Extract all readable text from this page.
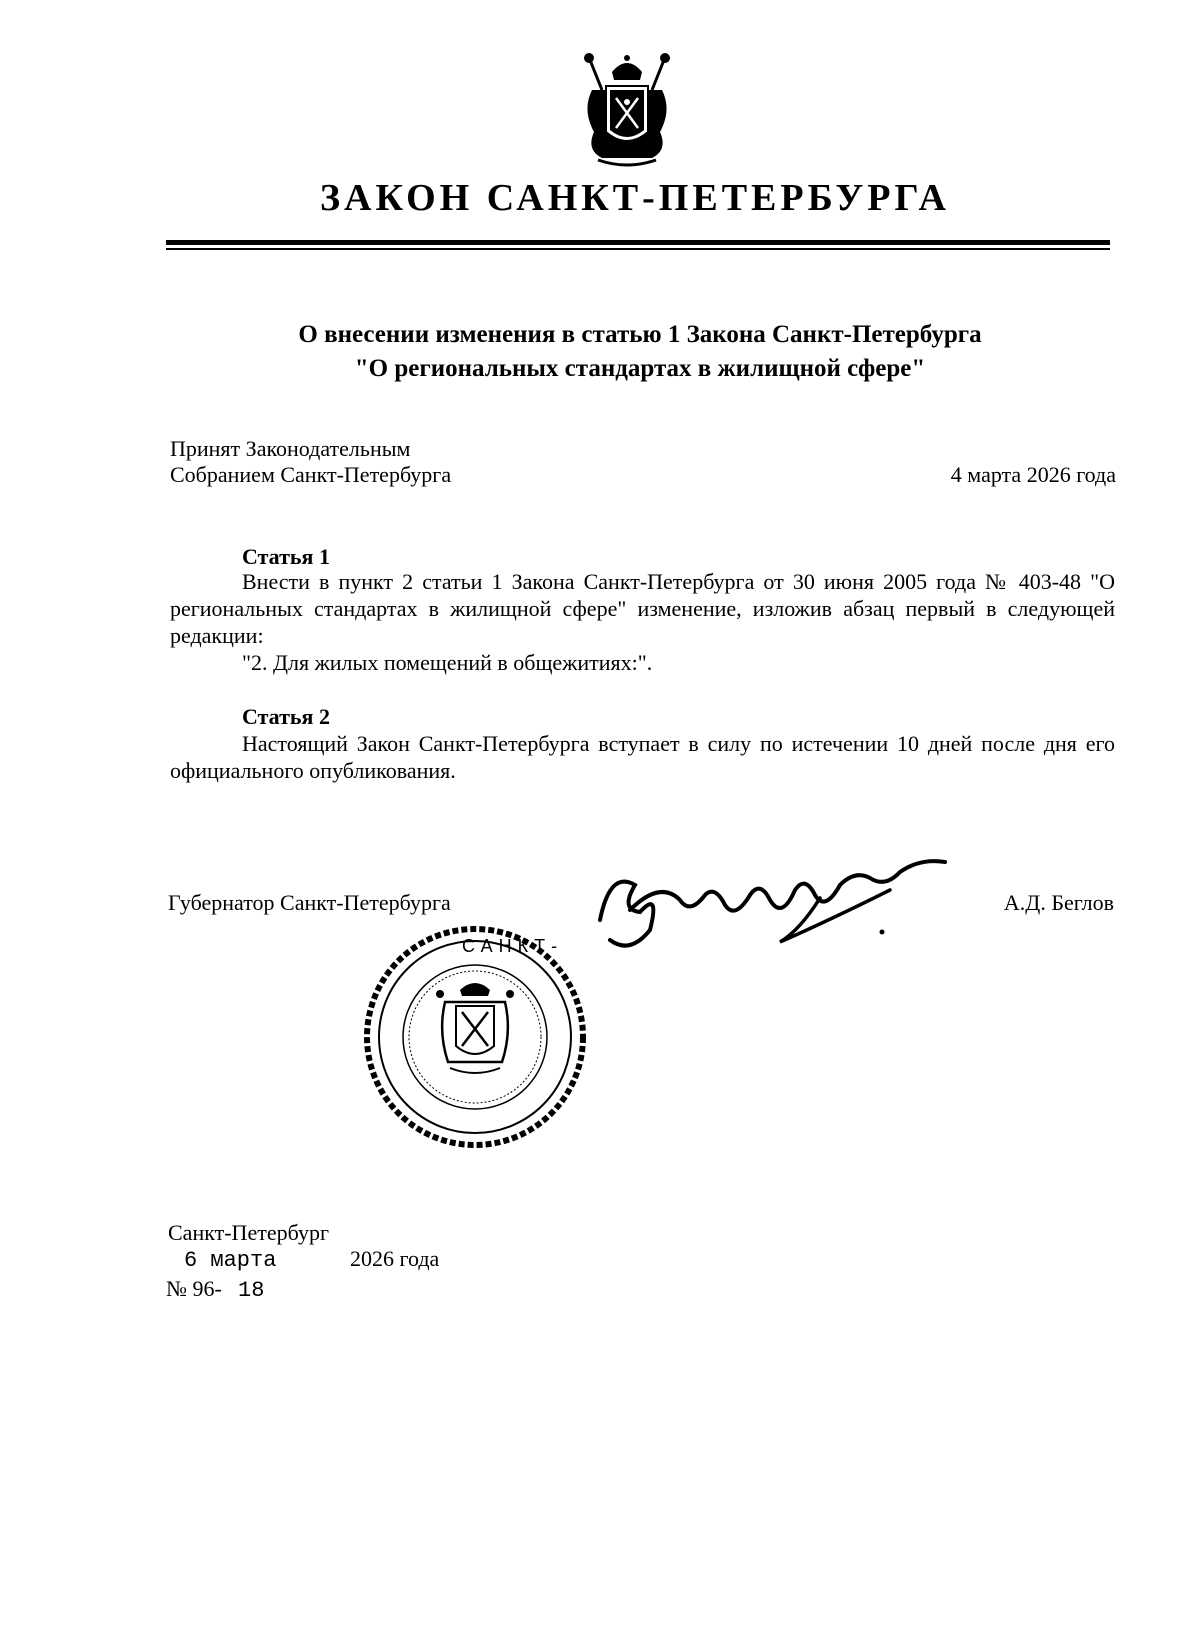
ЗАКОН САНКТ-ПЕТЕРБУРГА
О внесении изменения в статью 1 Закона Санкт-Петербурга
"О региональных стандартах в жилищной сфере"
Принят Законодательным
Собранием Санкт-Петербурга	4 марта 2026 года
Статья 1
Внести в пункт 2 статьи 1 Закона Санкт-Петербурга от 30 июня 2005 года № 403-48 "О региональных стандартах в жилищной сфере" изменение, изложив абзац первый в следующей редакции:
"2. Для жилых помещений в общежитиях:".
Статья 2
Настоящий Закон Санкт-Петербурга вступает в силу по истечении 10 дней после дня его официального опубликования.
Губернатор Санкт-Петербурга	А.Д. Беглов
САНКТ-
ГУБЕРНАТОР САНКТ-ПЕТЕРБУРГА
Санкт-Петербург
6 марта	2026 года
№ 96- 18
